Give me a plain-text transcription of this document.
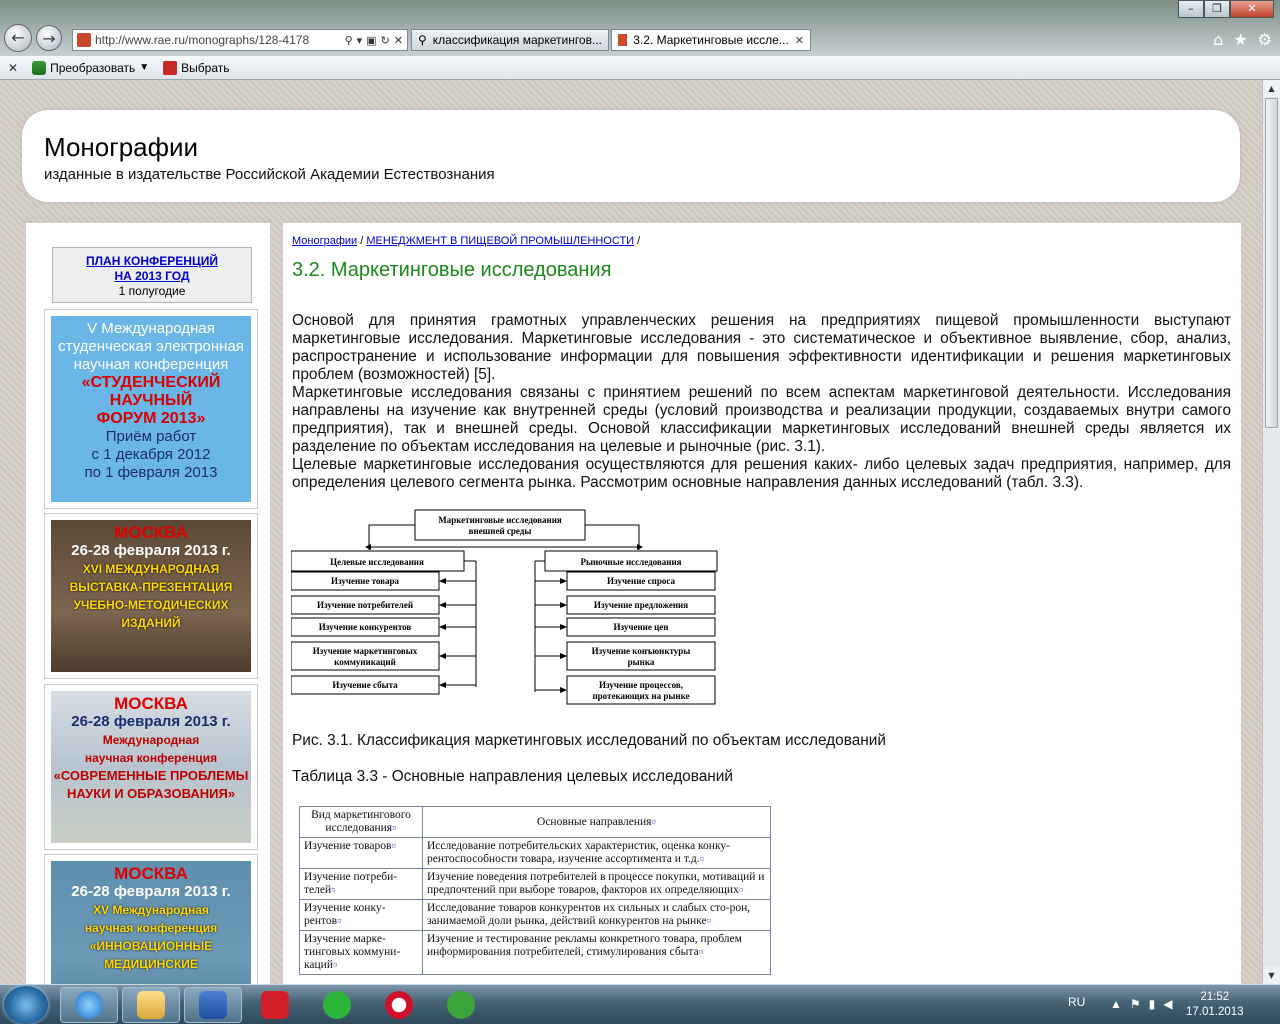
–	❐	✕
←	→	http://www.rae.ru/monographs/128-4178	⚲ ▾ ▣ ↻ ✕ ⚲ классификация маркетингов...	3.2. Маркетинговые иссле... ✕	⌂ ★ ⚙
✕	Преобразовать ▼	Выбрать
Монографии
изданные в издательстве Российской Академии Естествознания
ПЛАН КОНФЕРЕНЦИЙ
НА 2013 ГОД
1 полугодие
V Международная
студенческая электронная
научная конференция
«СТУДЕНЧЕСКИЙ
НАУЧНЫЙ
ФОРУМ 2013»
Приём работ
с 1 декабря 2012
по 1 февраля 2013
МОСКВА
26-28 февраля 2013 г.
XVI МЕЖДУНАРОДНАЯ
ВЫСТАВКА-ПРЕЗЕНТАЦИЯ
УЧЕБНО-МЕТОДИЧЕСКИХ
ИЗДАНИЙ
МОСКВА
26-28 февраля 2013 г.
Международная
научная конференция
«СОВРЕМЕННЫЕ ПРОБЛЕМЫ
НАУКИ И ОБРАЗОВАНИЯ»
МОСКВА
26-28 февраля 2013 г.
XV Международная
научная конференция
«ИННОВАЦИОННЫЕ МЕДИЦИНСКИЕ
Монографии / МЕНЕДЖМЕНТ В ПИЩЕВОЙ ПРОМЫШЛЕННОСТИ /
3.2. Маркетинговые исследования
Основой для принятия грамотных управленческих решения на предприятиях пищевой промышленности выступают маркетинговые исследования. Маркетинговые исследования - это систематическое и объективное выявление, сбор, анализ, распространение и использование информации для повышения эффективности идентификации и решения маркетинговых проблем (возможностей) [5].
Маркетинговые исследования связаны с принятием решений по всем аспектам маркетинговой деятельности. Исследования направлены на изучение как внутренней среды (условий производства и реализации продукции, создаваемых внутри самого предприятия), так и внешней среды. Основой классификации маркетинговых исследований внешней среды является их разделение по объектам исследования на целевые и рыночные (рис. 3.1).
Целевые маркетинговые исследования осуществляются для решения каких- либо целевых задач предприятия, например, для определения целевого сегмента рынка. Рассмотрим основные направления данных исследований (табл. 3.3).
Маркетинговые исследования
внешней среды
Целевые исследования	Рыночные исследования
Изучение товара
Изучение потребителей
Изучение конкурентов
Изучение маркетинговых
коммуникаций
Изучение сбыта
Изучение спроса
Изучение предложения
Изучение цен
Изучение конъюнктуры
рынка
Изучение процессов,
протекающих на рынке
Рис. 3.1. Классификация маркетинговых исследований по объектам исследований
Таблица 3.3 - Основные направления целевых исследований
Вид маркетингового исследования¤	Основные направления¤
Изучение товаров¤	Исследование потребительских характеристик, оценка конку-рентоспособности товара, изучение ассортимента и т.д.¤
Изучение потреби-телей¤	Изучение поведения потребителей в процессе покупки, мотиваций и предпочтений при выборе товаров, факторов их определяющих¤
Изучение конку-рентов¤	Исследование товаров конкурентов их сильных и слабых сто-рон, занимаемой доли рынка, действий конкурентов на рынке¤
Изучение марке-тинговых коммуни-каций¤	Изучение и тестирование рекламы конкретного товара, проблем информирования потребителей, стимулирования сбыта¤
▲
▼
RU ▲ ⚑ ▮ ◀	21:52
17.01.2013
